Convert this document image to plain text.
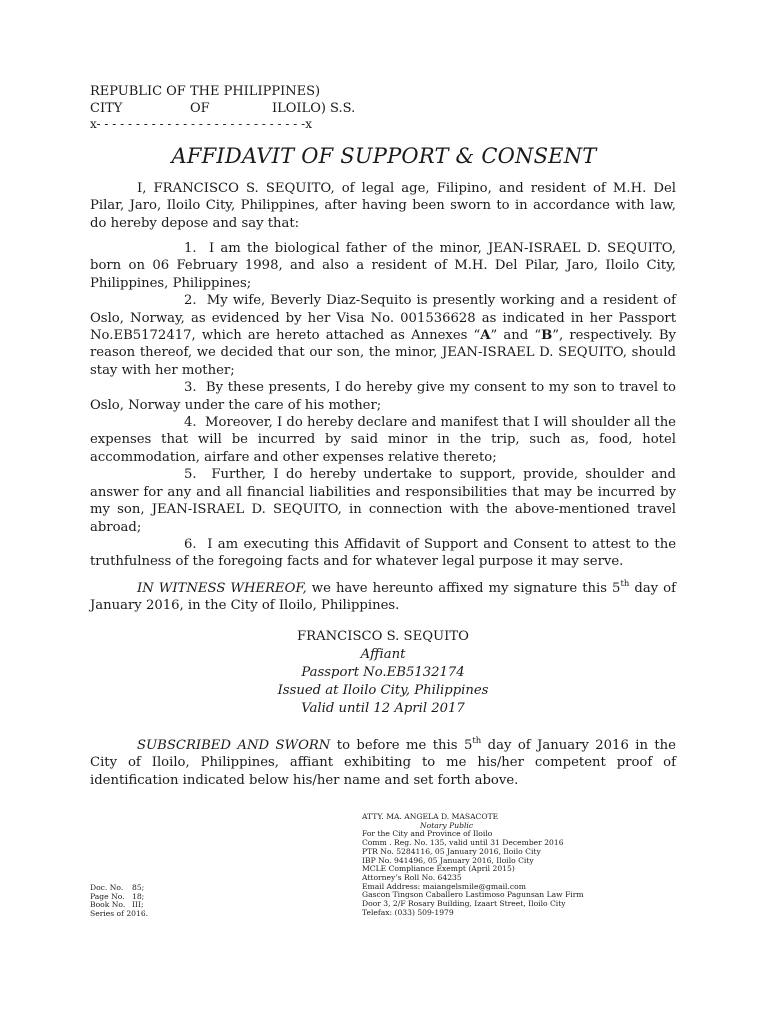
REPUBLIC OF THE PHILIPPINES)
CITY	OF	ILOILO) S.S.
x- - - - - - - - - - - - - - - - - - - - - - - - - - -x
AFFIDAVIT OF SUPPORT & CONSENT
I, FRANCISCO S. SEQUITO, of legal age, Filipino, and resident of M.H. Del Pilar, Jaro, Iloilo City, Philippines, after having been sworn to in accordance with law, do hereby depose and say that:

1. I am the biological father of the minor, JEAN-ISRAEL D. SEQUITO, born on 06 February 1998, and also a resident of M.H. Del Pilar, Jaro, Iloilo City, Philippines, Philippines;

2. My wife, Beverly Diaz-Sequito is presently working and a resident of Oslo, Norway, as evidenced by her Visa No. 001536628 as indicated in her Passport No.EB5172417, which are hereto attached as Annexes “A” and “B”, respectively. By reason thereof, we decided that our son, the minor, JEAN-ISRAEL D. SEQUITO, should stay with her mother;

3. By these presents, I do hereby give my consent to my son to travel to Oslo, Norway under the care of his mother;

4. Moreover, I do hereby declare and manifest that I will shoulder all the expenses that will be incurred by said minor in the trip, such as, food, hotel accommodation, airfare and other expenses relative thereto;

5. Further, I do hereby undertake to support, provide, shoulder and answer for any and all financial liabilities and responsibilities that may be incurred by my son, JEAN-ISRAEL D. SEQUITO, in connection with the above-mentioned travel abroad;

6. I am executing this Affidavit of Support and Consent to attest to the truthfulness of the foregoing facts and for whatever legal purpose it may serve.

IN WITNESS WHEREOF, we have hereunto affixed my signature this 5th day of January 2016, in the City of Iloilo, Philippines.
FRANCISCO S. SEQUITO
Affiant
Passport No.EB5132174
Issued at Iloilo City, Philippines
Valid until 12 April 2017
SUBSCRIBED AND SWORN to before me this 5th day of January 2016 in the City of Iloilo, Philippines, affiant exhibiting to me his/her competent proof of identification indicated below his/her name and set forth above.
ATTY. MA. ANGELA D. MASACOTE
Notary Public
For the City and Province of Iloilo
Comm . Reg. No. 135, valid until 31 December 2016
PTR No. 5284116, 05 January 2016, Iloilo City
IBP No. 941496, 05 January 2016, Iloilo City
MCLE Compliance Exempt (April 2015)
Attorney’s Roll No. 64235
Email Address: maiangelsmile@gmail.com
Gascon Tingson Caballero Lastimoso Pagunsan Law Firm
Door 3, 2/F Rosary Building, Izaart Street, Iloilo City
Telefax: (033) 509-1979
Doc. No. 85;
Page No. 18;
Book No. III;
Series of 2016.
